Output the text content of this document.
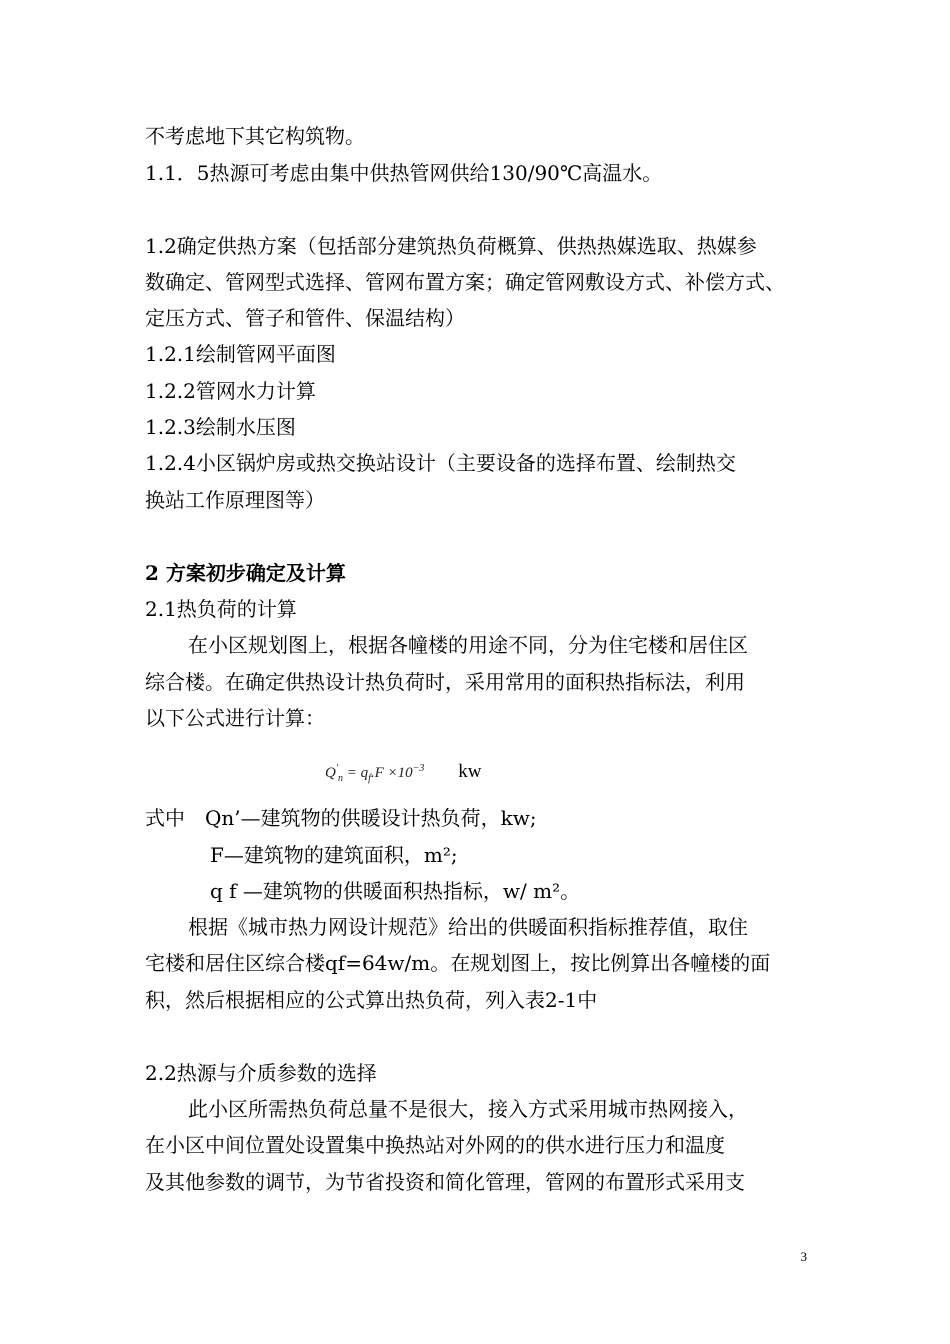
不考虑地下其它构筑物。
1.1．5热源可考虑由集中供热管网供给130/90℃高温水。
1.2确定供热方案（包括部分建筑热负荷概算、供热热媒选取、热媒参
数确定、管网型式选择、管网布置方案；确定管网敷设方式、补偿方式、
定压方式、管子和管件、保温结构）
1.2.1绘制管网平面图
1.2.2管网水力计算
1.2.3绘制水压图
1.2.4小区锅炉房或热交换站设计（主要设备的选择布置、绘制热交
换站工作原理图等）
2 方案初步确定及计算
2.1热负荷的计算
在小区规划图上，根据各幢楼的用途不同，分为住宅楼和居住区
综合楼。在确定供热设计热负荷时，采用常用的面积热指标法，利用
以下公式进行计算：
$Q'_n = q_f.F \times 10^{-3}$ kw
式中　Qn’—建筑物的供暖设计热负荷，kw;
F—建筑物的建筑面积，m²;
q f —建筑物的供暖面积热指标，w/ m²。
根据《城市热力网设计规范》给出的供暖面积指标推荐值，取住
宅楼和居住区综合楼qf=64w/m。在规划图上，按比例算出各幢楼的面
积，然后根据相应的公式算出热负荷，列入表2-1中
2.2热源与介质参数的选择
此小区所需热负荷总量不是很大，接入方式采用城市热网接入，
在小区中间位置处设置集中换热站对外网的的供水进行压力和温度
及其他参数的调节，为节省投资和简化管理，管网的布置形式采用支
3
